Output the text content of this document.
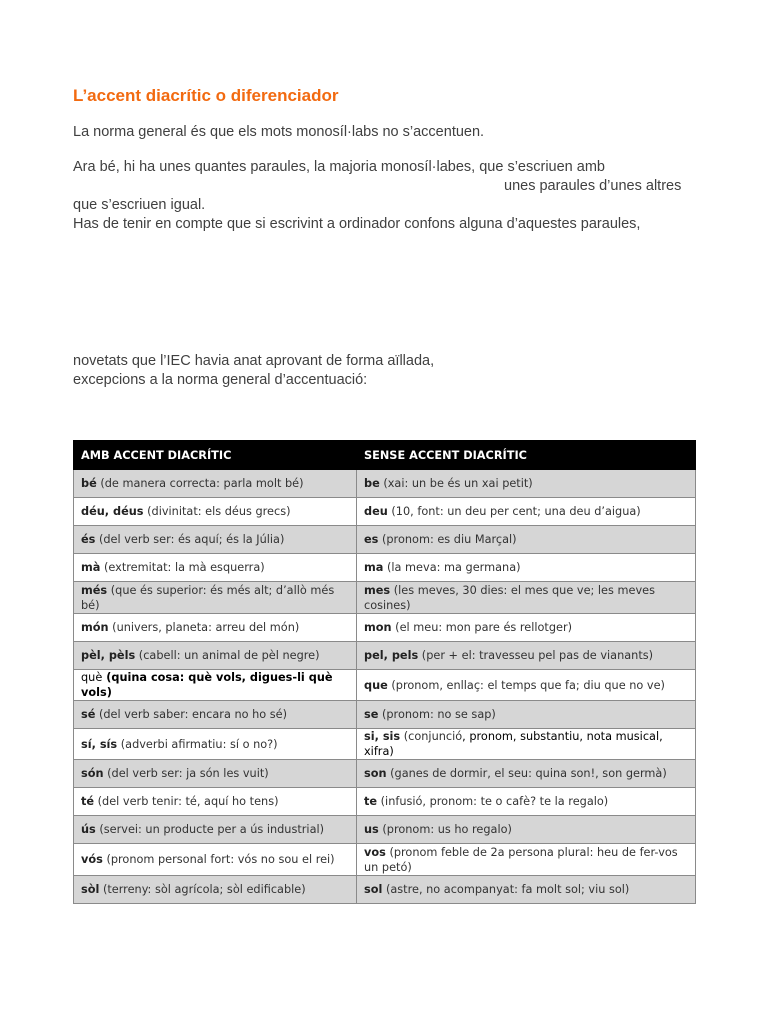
L’accent diacrític o diferenciador

La norma general és que els mots monosíl·labs no s’accentuen.

Ara bé, hi ha unes quantes paraules, la majoria monosíl·labes, que s’escriuen amb

unes paraules d’unes altres

que s’escriuen igual.

Has de tenir en compte que si escrivint a ordinador confons alguna d’aquestes paraules,

novetats que l’IEC havia anat aprovant de forma aïllada,

excepcions a la norma general d’accentuació:

AMB ACCENT DIACRÍTIC	SENSE ACCENT DIACRÍTIC
bé (de manera correcta: parla molt bé)	be (xai: un be és un xai petit)
déu, déus (divinitat: els déus grecs)	deu (10, font: un deu per cent; una deu d’aigua)
és (del verb ser: és aquí; és la Júlia)	es (pronom: es diu Marçal)
mà (extremitat: la mà esquerra)	ma (la meva: ma germana)
més (que és superior: és més alt; d’allò més bé)	mes (les meves, 30 dies: el mes que ve; les meves cosines)
món (univers, planeta: arreu del món)	mon (el meu: mon pare és rellotger)
pèl, pèls (cabell: un animal de pèl negre)	pel, pels (per + el: travesseu pel pas de vianants)
què (quina cosa: què vols, digues-li què vols)	que (pronom, enllaç: el temps que fa; diu que no ve)
sé (del verb saber: encara no ho sé)	se (pronom: no se sap)
sí, sís (adverbi afirmatiu: sí o no?)	si, sis (conjunció, pronom, substantiu, nota musical, xifra)
són (del verb ser: ja són les vuit)	son (ganes de dormir, el seu: quina son!, son germà)
té (del verb tenir: té, aquí ho tens)	te (infusió, pronom: te o cafè? te la regalo)
ús (servei: un producte per a ús industrial)	us (pronom: us ho regalo)
vós (pronom personal fort: vós no sou el rei)	vos (pronom feble de 2a persona plural: heu de fer-vos un petó)
sòl (terreny: sòl agrícola; sòl edificable)	sol (astre, no acompanyat: fa molt sol; viu sol)
